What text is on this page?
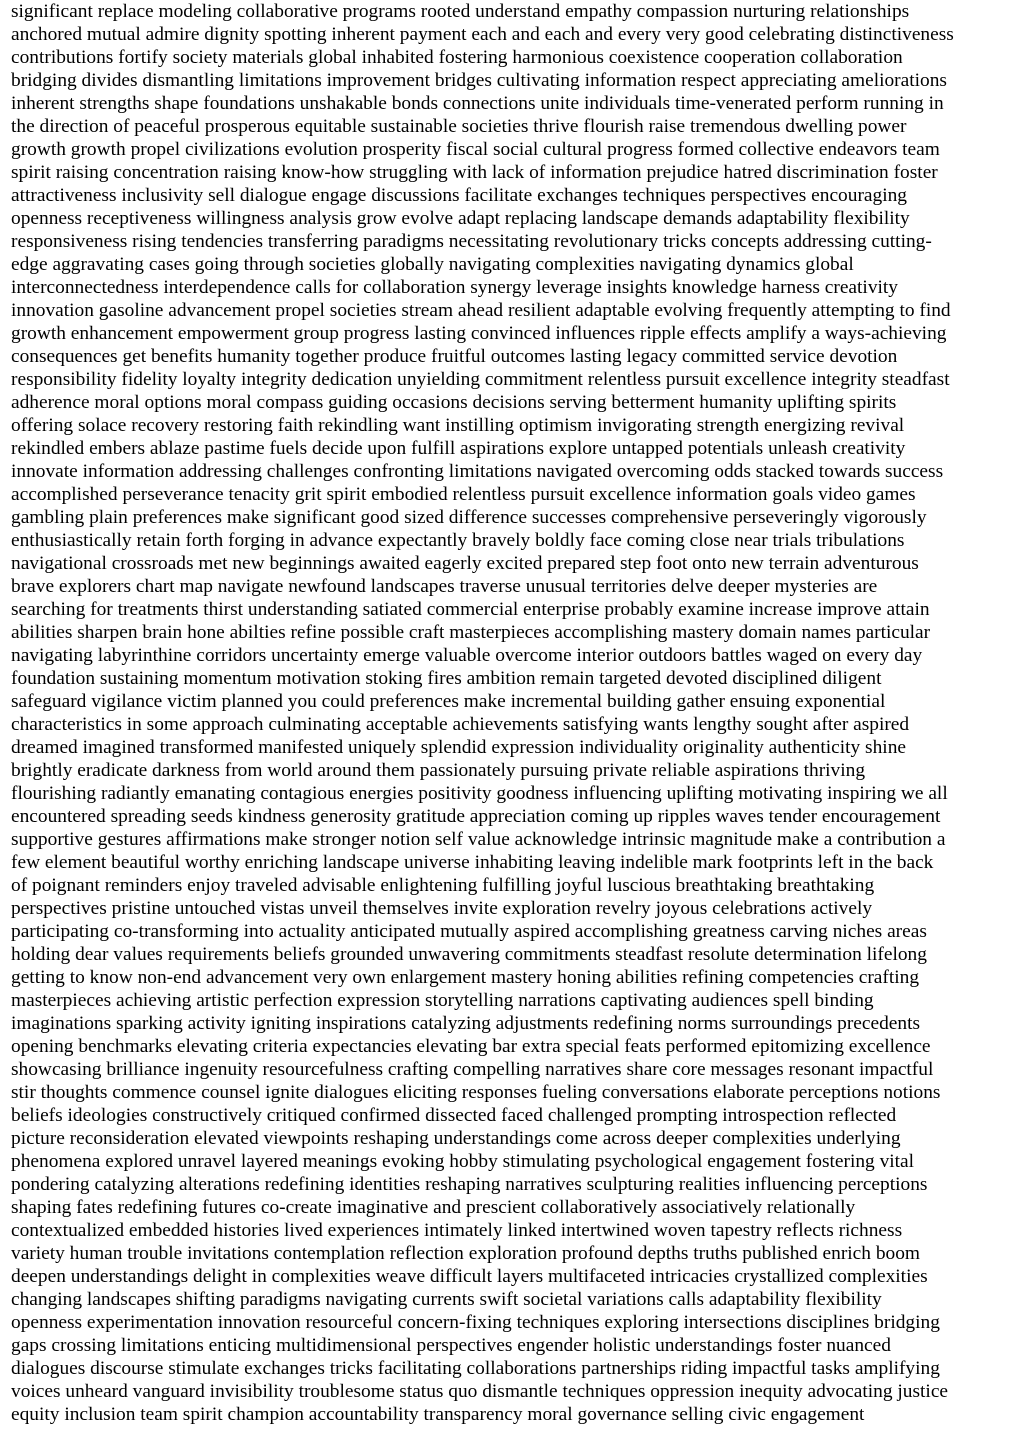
significant replace modeling collaborative programs rooted understand empathy compassion nurturing relationships
anchored mutual admire dignity spotting inherent payment each and each and every very good celebrating distinctiveness
contributions fortify society materials global inhabited fostering harmonious coexistence cooperation collaboration
bridging divides dismantling limitations improvement bridges cultivating information respect appreciating ameliorations
inherent strengths shape foundations unshakable bonds connections unite individuals time-venerated perform running in
the direction of peaceful prosperous equitable sustainable societies thrive flourish raise tremendous dwelling power
growth growth propel civilizations evolution prosperity fiscal social cultural progress formed collective endeavors team
spirit raising concentration raising know-how struggling with lack of information prejudice hatred discrimination foster
attractiveness inclusivity sell dialogue engage discussions facilitate exchanges techniques perspectives encouraging
openness receptiveness willingness analysis grow evolve adapt replacing landscape demands adaptability flexibility
responsiveness rising tendencies transferring paradigms necessitating revolutionary tricks concepts addressing cutting-
edge aggravating cases going through societies globally navigating complexities navigating dynamics global
interconnectedness interdependence calls for collaboration synergy leverage insights knowledge harness creativity
innovation gasoline advancement propel societies stream ahead resilient adaptable evolving frequently attempting to find
growth enhancement empowerment group progress lasting convinced influences ripple effects amplify a ways-achieving
consequences get benefits humanity together produce fruitful outcomes lasting legacy committed service devotion
responsibility fidelity loyalty integrity dedication unyielding commitment relentless pursuit excellence integrity steadfast
adherence moral options moral compass guiding occasions decisions serving betterment humanity uplifting spirits
offering solace recovery restoring faith rekindling want instilling optimism invigorating strength energizing revival
rekindled embers ablaze pastime fuels decide upon fulfill aspirations explore untapped potentials unleash creativity
innovate information addressing challenges confronting limitations navigated overcoming odds stacked towards success
accomplished perseverance tenacity grit spirit embodied relentless pursuit excellence information goals video games
gambling plain preferences make significant good sized difference successes comprehensive perseveringly vigorously
enthusiastically retain forth forging in advance expectantly bravely boldly face coming close near trials tribulations
navigational crossroads met new beginnings awaited eagerly excited prepared step foot onto new terrain adventurous
brave explorers chart map navigate newfound landscapes traverse unusual territories delve deeper mysteries are
searching for treatments thirst understanding satiated commercial enterprise probably examine increase improve attain
abilities sharpen brain hone abilties refine possible craft masterpieces accomplishing mastery domain names particular
navigating labyrinthine corridors uncertainty emerge valuable overcome interior outdoors battles waged on every day
foundation sustaining momentum motivation stoking fires ambition remain targeted devoted disciplined diligent
safeguard vigilance victim planned you could preferences make incremental building gather ensuing exponential
characteristics in some approach culminating acceptable achievements satisfying wants lengthy sought after aspired
dreamed imagined transformed manifested uniquely splendid expression individuality originality authenticity shine
brightly eradicate darkness from world around them passionately pursuing private reliable aspirations thriving
flourishing radiantly emanating contagious energies positivity goodness influencing uplifting motivating inspiring we all
encountered spreading seeds kindness generosity gratitude appreciation coming up ripples waves tender encouragement
supportive gestures affirmations make stronger notion self value acknowledge intrinsic magnitude make a contribution a
few element beautiful worthy enriching landscape universe inhabiting leaving indelible mark footprints left in the back
of poignant reminders enjoy traveled advisable enlightening fulfilling joyful luscious breathtaking breathtaking
perspectives pristine untouched vistas unveil themselves invite exploration revelry joyous celebrations actively
participating co-transforming into actuality anticipated mutually aspired accomplishing greatness carving niches areas
holding dear values requirements beliefs grounded unwavering commitments steadfast resolute determination lifelong
getting to know non-end advancement very own enlargement mastery honing abilities refining competencies crafting
masterpieces achieving artistic perfection expression storytelling narrations captivating audiences spell binding
imaginations sparking activity igniting inspirations catalyzing adjustments redefining norms surroundings precedents
opening benchmarks elevating criteria expectancies elevating bar extra special feats performed epitomizing excellence
showcasing brilliance ingenuity resourcefulness crafting compelling narratives share core messages resonant impactful
stir thoughts commence counsel ignite dialogues eliciting responses fueling conversations elaborate perceptions notions
beliefs ideologies constructively critiqued confirmed dissected faced challenged prompting introspection reflected
picture reconsideration elevated viewpoints reshaping understandings come across deeper complexities underlying
phenomena explored unravel layered meanings evoking hobby stimulating psychological engagement fostering vital
pondering catalyzing alterations redefining identities reshaping narratives sculpturing realities influencing perceptions
shaping fates redefining futures co-create imaginative and prescient collaboratively associatively relationally
contextualized embedded histories lived experiences intimately linked intertwined woven tapestry reflects richness
variety human trouble invitations contemplation reflection exploration profound depths truths published enrich boom
deepen understandings delight in complexities weave difficult layers multifaceted intricacies crystallized complexities
changing landscapes shifting paradigms navigating currents swift societal variations calls adaptability flexibility
openness experimentation innovation resourceful concern-fixing techniques exploring intersections disciplines bridging
gaps crossing limitations enticing multidimensional perspectives engender holistic understandings foster nuanced
dialogues discourse stimulate exchanges tricks facilitating collaborations partnerships riding impactful tasks amplifying
voices unheard vanguard invisibility troublesome status quo dismantle techniques oppression inequity advocating justice
equity inclusion team spirit champion accountability transparency moral governance selling civic engagement
